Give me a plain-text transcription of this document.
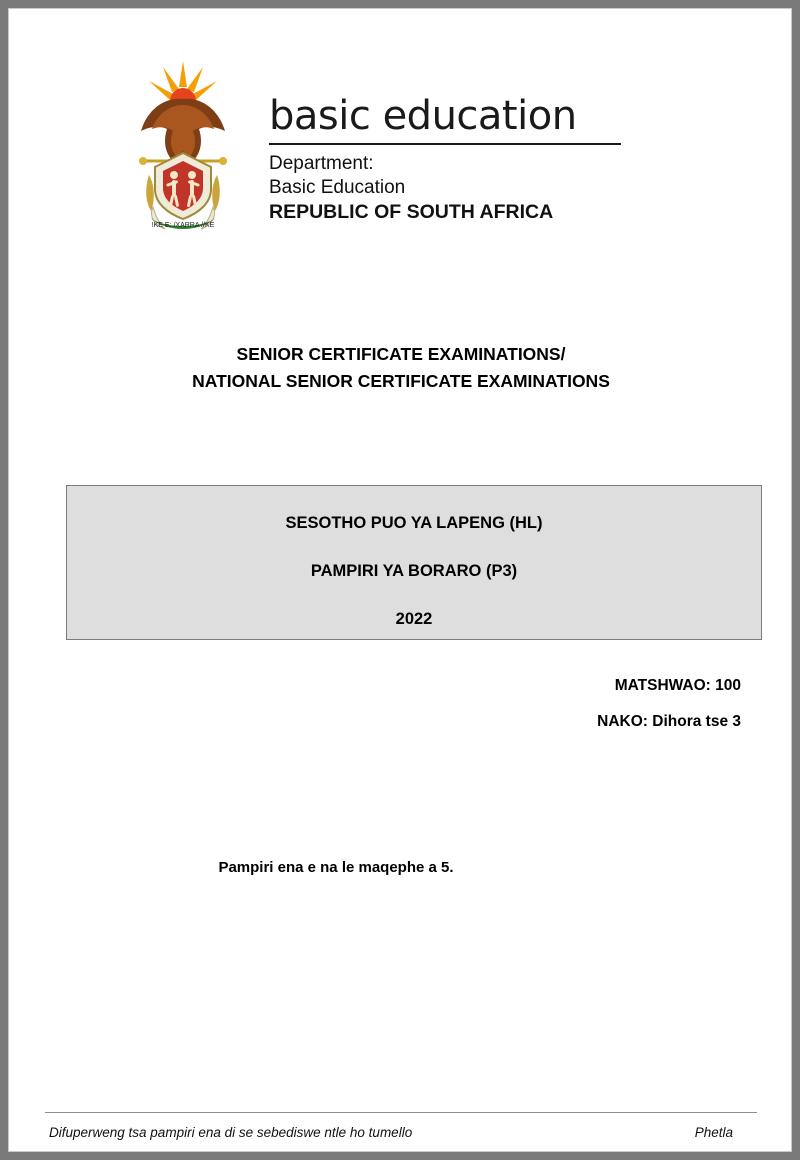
!KE E: /XARRA //KE
basic education
Department:
Basic Education
REPUBLIC OF SOUTH AFRICA
SENIOR CERTIFICATE EXAMINATIONS/
NATIONAL SENIOR CERTIFICATE EXAMINATIONS
SESOTHO PUO YA LAPENG (HL)
PAMPIRI YA BORARO (P3)
2022
MATSHWAO: 100
NAKO: Dihora tse 3
Pampiri ena e na le maqephe a 5.
Difuperweng tsa pampiri ena di se sebediswe ntle ho tumello	Phetla
